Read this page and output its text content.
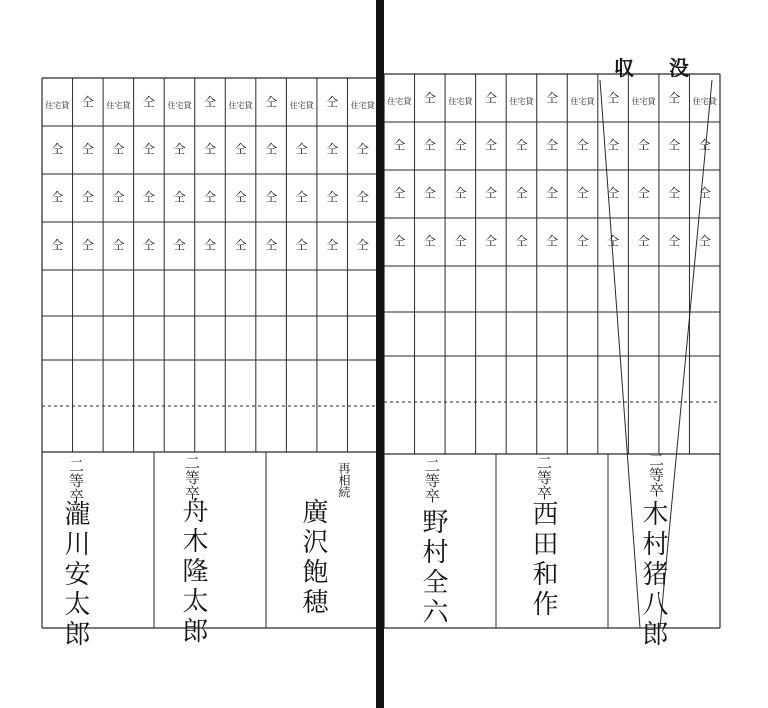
住宅貸
仝
仝
仝
仝
仝
仝
仝
住宅貸
仝
仝
仝
仝
仝
仝
仝
住宅貸
仝
仝
仝
仝
仝
仝
仝
住宅貸
仝
仝
仝
仝
仝
仝
仝
住宅貸
仝
仝
仝
仝
仝
仝
仝
住宅貸
仝
仝
仝
住宅貸
仝
仝
仝
仝
仝
仝
仝
住宅貸
仝
仝
仝
仝
仝
仝
仝
住宅貸
仝
仝
仝
仝
仝
仝
仝
住宅貸
仝
仝
仝
仝
仝
仝
仝
住宅貸
仝
仝
仝
仝
仝
仝
仝
住宅貸
仝
仝
仝
収 没
二等卒
瀧川安太郎
二等卒
舟木隆太郎
再相続
廣沢飽穂
二等卒
野村全六
二等卒
西田和作
二等卒
木村猪八郎
